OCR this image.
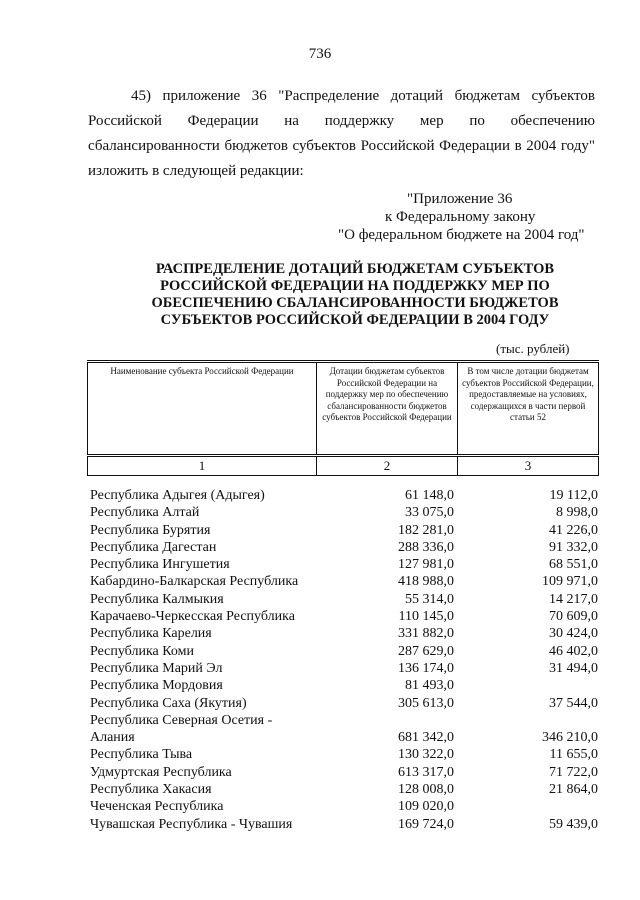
736
45) приложение 36 "Распределение дотаций бюджетам субъектов Российской Федерации на поддержку мер по обеспечению сбалансированности бюджетов субъектов Российской Федерации в 2004 году" изложить в следующей редакции:
"Приложение 36
к Федеральному закону
"О федеральном бюджете на 2004 год"
РАСПРЕДЕЛЕНИЕ ДОТАЦИЙ БЮДЖЕТАМ СУБЪЕКТОВ
РОССИЙСКОЙ ФЕДЕРАЦИИ НА ПОДДЕРЖКУ МЕР ПО
ОБЕСПЕЧЕНИЮ СБАЛАНСИРОВАННОСТИ БЮДЖЕТОВ
СУБЪЕКТОВ РОССИЙСКОЙ ФЕДЕРАЦИИ В 2004 ГОДУ
(тыс. рублей)
Наименование субъекта Российской Федерации	Дотации бюджетам субъектов Российской Федерации на поддержку мер по обеспечению сбалансированности бюджетов субъектов Российской Федерации	В том числе дотации бюджетам субъектов Российской Федерации, предоставляемые на условиях, содержащихся в части первой статьи 52
1	2	3
Республика Адыгея (Адыгея)	61 148,0	19 112,0
Республика Алтай	33 075,0	8 998,0
Республика Бурятия	182 281,0	41 226,0
Республика Дагестан	288 336,0	91 332,0
Республика Ингушетия	127 981,0	68 551,0
Кабардино-Балкарская Республика	418 988,0	109 971,0
Республика Калмыкия	55 314,0	14 217,0
Карачаево-Черкесская Республика	110 145,0	70 609,0
Республика Карелия	331 882,0	30 424,0
Республика Коми	287 629,0	46 402,0
Республика Марий Эл	136 174,0	31 494,0
Республика Мордовия	81 493,0
Республика Саха (Якутия)	305 613,0	37 544,0
Республика Северная Осетия -
Алания	681 342,0	346 210,0
Республика Тыва	130 322,0	11 655,0
Удмуртская Республика	613 317,0	71 722,0
Республика Хакасия	128 008,0	21 864,0
Чеченская Республика	109 020,0
Чувашская Республика - Чувашия	169 724,0	59 439,0
